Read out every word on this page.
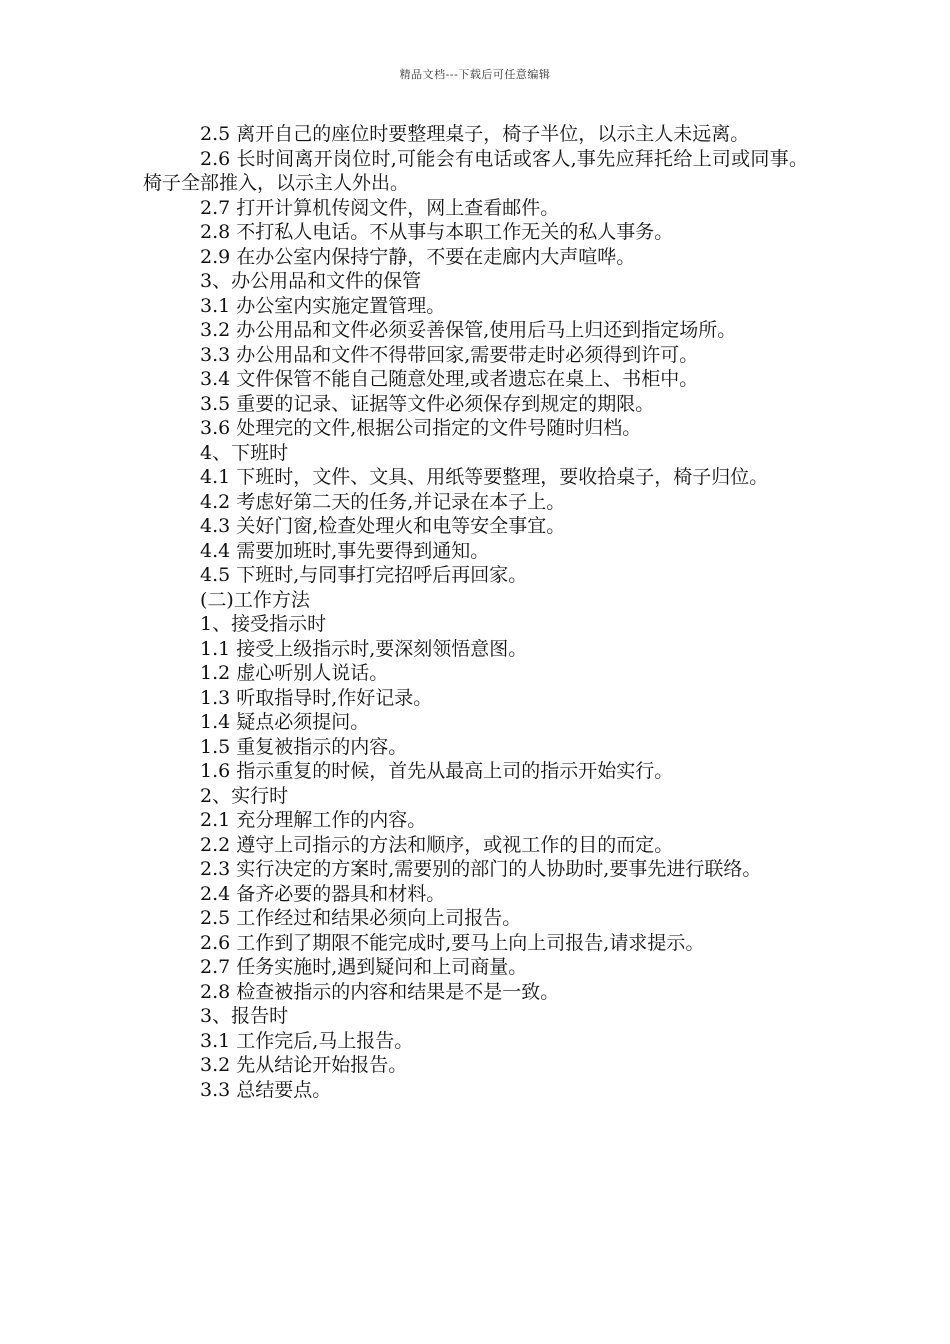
精品文档---下载后可任意编辑

2.5 离开自己的座位时要整理桌子，椅子半位，以示主人未远离。

2.6 长时间离开岗位时,可能会有电话或客人,事先应拜托给上司或同事。椅子全部推入，以示主人外出。

2.7 打开计算机传阅文件，网上查看邮件。

2.8 不打私人电话。不从事与本职工作无关的私人事务。

2.9 在办公室内保持宁静，不要在走廊内大声喧哗。

3、办公用品和文件的保管

3.1 办公室内实施定置管理。

3.2 办公用品和文件必须妥善保管,使用后马上归还到指定场所。

3.3 办公用品和文件不得带回家,需要带走时必须得到许可。

3.4 文件保管不能自己随意处理,或者遗忘在桌上、书柜中。

3.5 重要的记录、证据等文件必须保存到规定的期限。

3.6 处理完的文件,根据公司指定的文件号随时归档。

4、下班时

4.1 下班时，文件、文具、用纸等要整理，要收拾桌子，椅子归位。

4.2 考虑好第二天的任务,并记录在本子上。

4.3 关好门窗,检查处理火和电等安全事宜。

4.4 需要加班时,事先要得到通知。

4.5 下班时,与同事打完招呼后再回家。

(二)工作方法

1、接受指示时

1.1 接受上级指示时,要深刻领悟意图。

1.2 虚心听别人说话。

1.3 听取指导时,作好记录。

1.4 疑点必须提问。

1.5 重复被指示的内容。

1.6 指示重复的时候，首先从最高上司的指示开始实行。

2、实行时

2.1 充分理解工作的内容。

2.2 遵守上司指示的方法和顺序，或视工作的目的而定。

2.3 实行决定的方案时,需要别的部门的人协助时,要事先进行联络。

2.4 备齐必要的器具和材料。

2.5 工作经过和结果必须向上司报告。

2.6 工作到了期限不能完成时,要马上向上司报告,请求提示。

2.7 任务实施时,遇到疑问和上司商量。

2.8 检查被指示的内容和结果是不是一致。

3、报告时

3.1 工作完后,马上报告。

3.2 先从结论开始报告。

3.3 总结要点。
